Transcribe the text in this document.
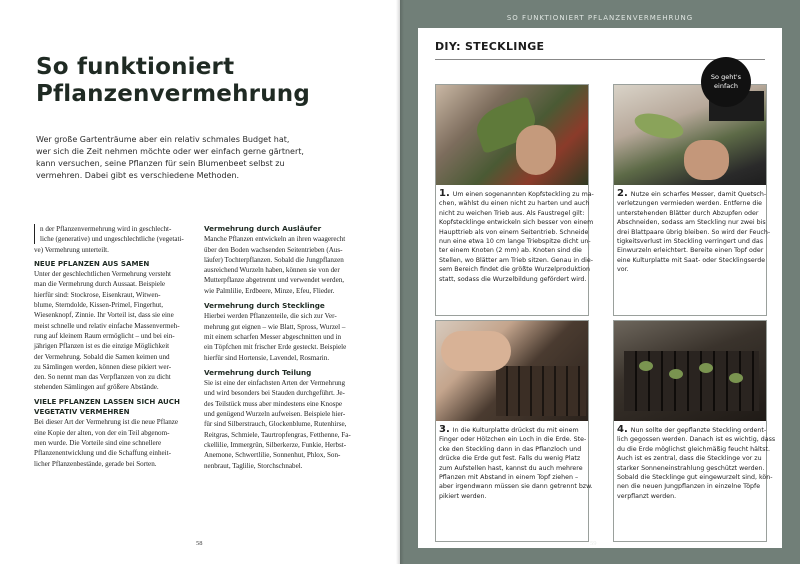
So funktioniert
Pflanzenvermehrung
Wer große Gartenträume aber ein relativ schmales Budget hat,
wer sich die Zeit nehmen möchte oder wer einfach gerne gärtnert,
kann versuchen, seine Pflanzen für sein Blumenbeet selbst zu
vermehren. Dabei gibt es verschiedene Methoden.
n der Pflanzenvermehrung wird in geschlecht-
liche (generative) und ungeschlechtliche (vegetati-
ve) Vermehrung unterteilt.
NEUE PFLANZEN AUS SAMEN
Unter der geschlechtlichen Vermehrung versteht
man die Vermehrung durch Aussaat. Beispiele
hierfür sind: Stockrose, Eisenkraut, Witwen-
blume, Sterndolde, Kissen-Primel, Fingerhut,
Wiesenknopf, Zinnie. Ihr Vorteil ist, dass sie eine
meist schnelle und relativ einfache Massenvermeh-
rung auf kleinem Raum ermöglicht – und bei ein-
jährigen Pflanzen ist es die einzige Möglichkeit
der Vermehrung. Sobald die Samen keimen und
zu Sämlingen werden, können diese pikiert wer-
den. So nennt man das Verpflanzen von zu dicht
stehenden Sämlingen auf größere Abstände.
VIELE PFLANZEN LASSEN SICH AUCH
VEGETATIV VERMEHREN
Bei dieser Art der Vermehrung ist die neue Pflanze
eine Kopie der alten, von der ein Teil abgenom-
men wurde. Die Vorteile sind eine schnellere
Pflanzenentwicklung und die Schaffung einheit-
licher Pflanzenbestände, gerade bei Sorten.
Vermehrung durch Ausläufer
Manche Pflanzen entwickeln an ihren waagerecht
über den Boden wachsenden Seitentrieben (Aus-
läufer) Tochterpflanzen. Sobald die Jungpflanzen
ausreichend Wurzeln haben, können sie von der
Mutterpflanze abgetrennt und verwendet werden,
wie Palmlilie, Erdbeere, Minze, Efeu, Flieder.
Vermehrung durch Stecklinge
Hierbei werden Pflanzenteile, die sich zur Ver-
mehrung gut eignen – wie Blatt, Spross, Wurzel –
mit einem scharfen Messer abgeschnitten und in
ein Töpfchen mit frischer Erde gesteckt. Beispiele
hierfür sind Hortensie, Lavendel, Rosmarin.
Vermehrung durch Teilung
Sie ist eine der einfachsten Arten der Vermehrung
und wird besonders bei Stauden durchgeführt. Je-
des Teilstück muss aber mindestens eine Knospe
und genügend Wurzeln aufweisen. Beispiele hier-
für sind Silberstrauch, Glockenblume, Rutenhirse,
Reitgras, Schmiele, Taurtropfengras, Fetthenne, Fa-
ckellilie, Immergrün, Silberkerze, Funkie, Herbst-
Anemone, Schwertlilie, Sonnenhut, Phlox, Son-
nenbraut, Taglilie, Storchschnabel.
58
SO FUNKTIONIERT PFLANZENVERMEHRUNG
DIY: STECKLINGE
So geht's
einfach
1. Um einen sogenannten Kopfsteckling zu ma-
chen, wählst du einen nicht zu harten und auch
nicht zu weichen Trieb aus. Als Faustregel gilt:
Kopfstecklinge entwickeln sich besser von einem
Haupttrieb als von einem Seitentrieb. Schneide
nun eine etwa 10 cm lange Triebspitze dicht un-
ter einem Knoten (2 mm) ab. Knoten sind die
Stellen, wo Blätter am Trieb sitzen. Genau in die-
sem Bereich findet die größte Wurzelproduktion
statt, sodass die Wurzelbildung gefördert wird.
2. Nutze ein scharfes Messer, damit Quetsch-
verletzungen vermieden werden. Entferne die
unterstehenden Blätter durch Abzupfen oder
Abschneiden, sodass am Steckling nur zwei bis
drei Blattpaare übrig bleiben. So wird der Feuch-
tigkeitsverlust im Steckling verringert und das
Einwurzeln erleichtert. Bereite einen Topf oder
eine Kulturplatte mit Saat- oder Stecklingserde
vor.
3. In die Kulturplatte drückst du mit einem
Finger oder Hölzchen ein Loch in die Erde. Ste-
cke den Steckling dann in das Pflanzloch und
drücke die Erde gut fest. Falls du wenig Platz
zum Aufstellen hast, kannst du auch mehrere
Pflanzen mit Abstand in einem Topf ziehen –
aber irgendwann müssen sie dann getrennt bzw.
pikiert werden.
4. Nun sollte der gepflanzte Steckling ordent-
lich gegossen werden. Danach ist es wichtig, dass
du die Erde möglichst gleichmäßig feucht hältst.
Auch ist es zentral, dass die Stecklinge vor zu
starker Sonneneinstrahlung geschützt werden.
Sobald die Stecklinge gut eingewurzelt sind, kön-
nen die neuen Jungpflanzen in einzelne Töpfe
verpflanzt werden.
59
